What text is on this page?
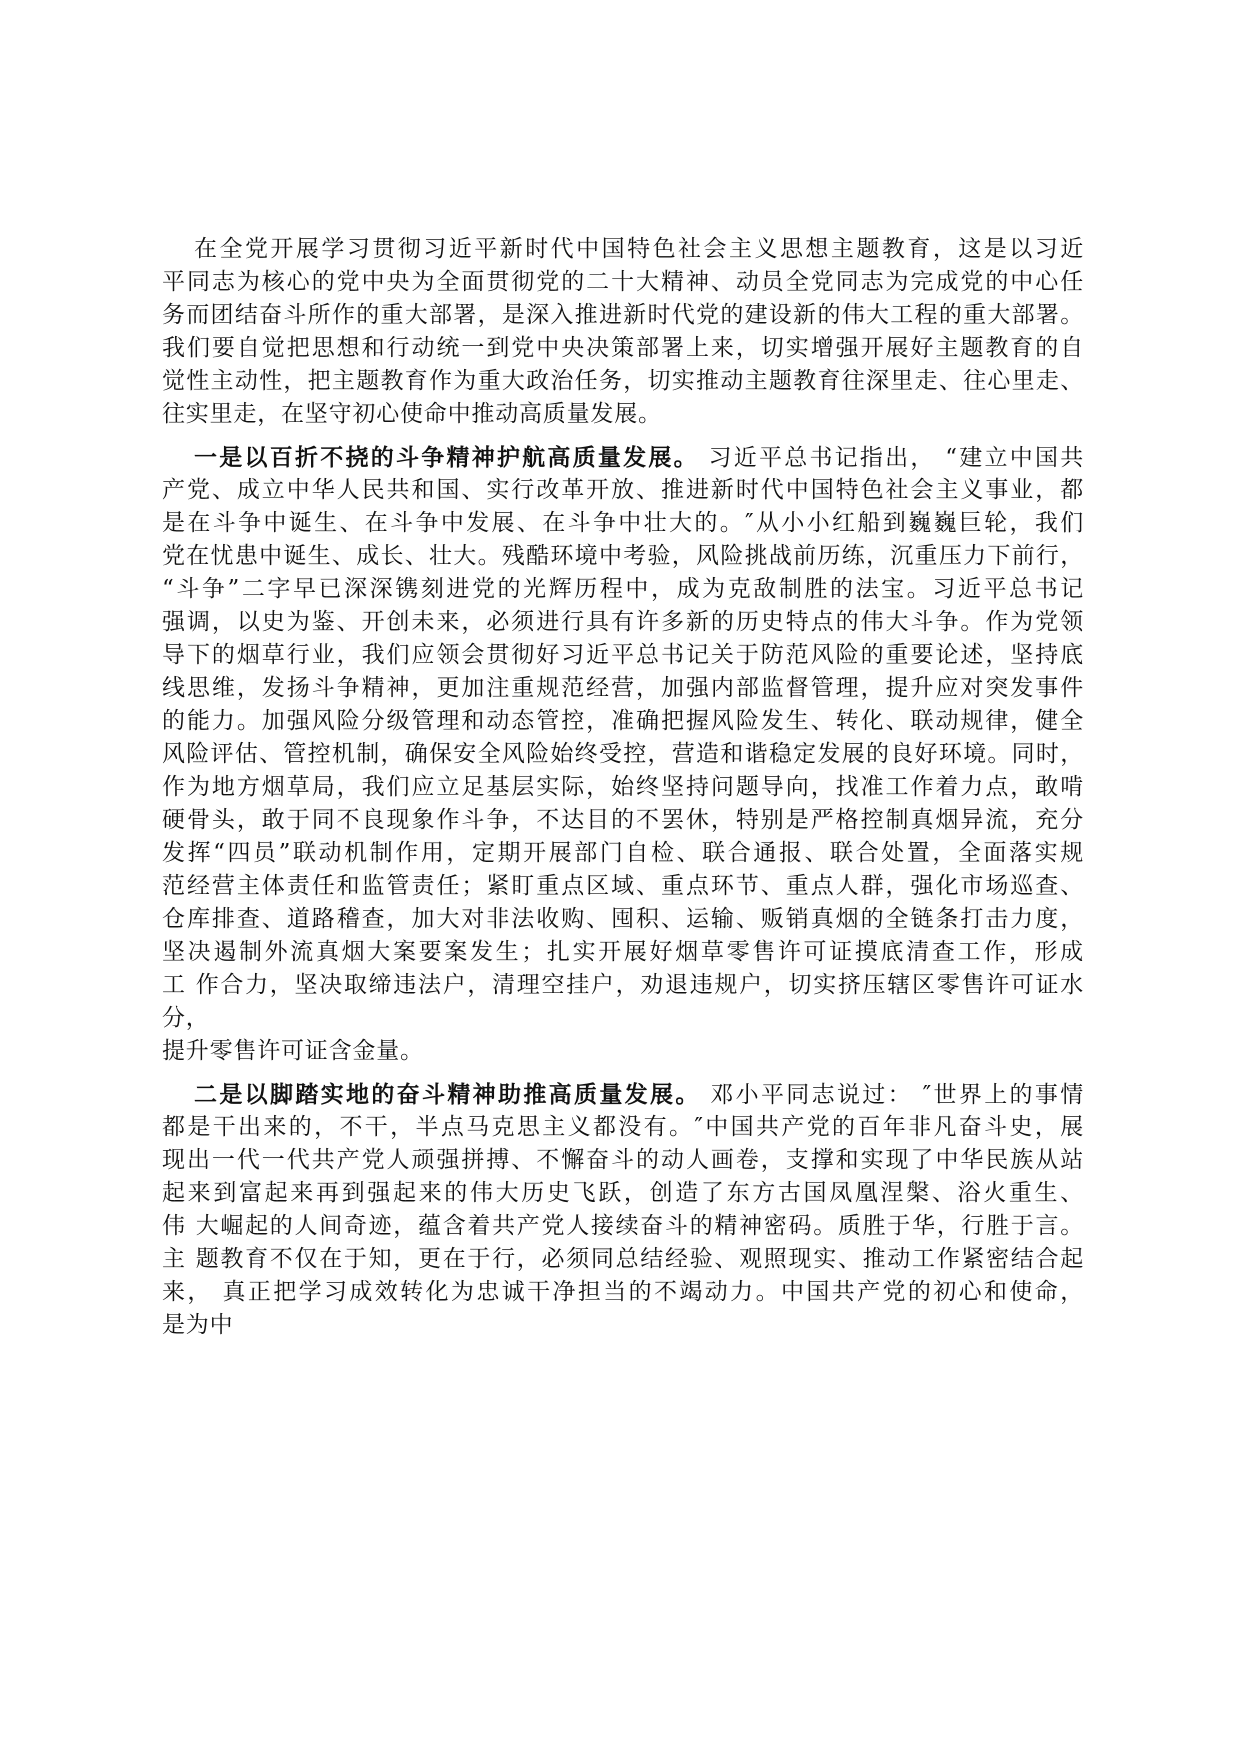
在全党开展学习贯彻习近平新时代中国特色社会主义思想主题教育，这是以习近
平同志为核心的党中央为全面贯彻党的二十大精神、动员全党同志为完成党的中心任
务而团结奋斗所作的重大部署，是深入推进新时代党的建设新的伟大工程的重大部署。
我们要自觉把思想和行动统一到党中央决策部署上来，切实增强开展好主题教育的自
觉性主动性，把主题教育作为重大政治任务，切实推动主题教育往深里走、往心里走、
往实里走，在坚守初心使命中推动高质量发展。
一是以百折不挠的斗争精神护航高质量发展。 习近平总书记指出， “建立中国共
产党、成立中华人民共和国、实行改革开放、推进新时代中国特色社会主义事业，都
是在斗争中诞生、在斗争中发展、在斗争中壮大的。″从小小红船到巍巍巨轮，我们
党在忧患中诞生、成长、壮大。残酷环境中考验，风险挑战前历练，沉重压力下前行，
“斗争”二字早已深深镌刻进党的光辉历程中，成为克敌制胜的法宝。习近平总书记
强调，以史为鉴、开创未来，必须进行具有许多新的历史特点的伟大斗争。作为党领
导下的烟草行业，我们应领会贯彻好习近平总书记关于防范风险的重要论述，坚持底
线思维，发扬斗争精神，更加注重规范经营，加强内部监督管理，提升应对突发事件
的能力。加强风险分级管理和动态管控，准确把握风险发生、转化、联动规律，健全
风险评估、管控机制，确保安全风险始终受控，营造和谐稳定发展的良好环境。同时，
作为地方烟草局，我们应立足基层实际，始终坚持问题导向，找准工作着力点，敢啃
硬骨头，敢于同不良现象作斗争，不达目的不罢休，特别是严格控制真烟异流，充分
发挥“四员”联动机制作用，定期开展部门自检、联合通报、联合处置，全面落实规
范经营主体责任和监管责任；紧盯重点区域、重点环节、重点人群，强化市场巡查、
仓库排查、道路稽查，加大对非法收购、囤积、运输、贩销真烟的全链条打击力度，
坚决遏制外流真烟大案要案发生；扎实开展好烟草零售许可证摸底清查工作，形成
工 作合力，坚决取缔违法户，清理空挂户，劝退违规户，切实挤压辖区零售许可证水
分，
提升零售许可证含金量。
二是以脚踏实地的奋斗精神助推高质量发展。 邓小平同志说过： ″世界上的事情
都是干出来的，不干，半点马克思主义都没有。″中国共产党的百年非凡奋斗史，展
现出一代一代共产党人顽强拼搏、不懈奋斗的动人画卷，支撑和实现了中华民族从站
起来到富起来再到强起来的伟大历史飞跃，创造了东方古国凤凰涅槃、浴火重生、
伟 大崛起的人间奇迹，蕴含着共产党人接续奋斗的精神密码。质胜于华，行胜于言。
主 题教育不仅在于知，更在于行，必须同总结经验、观照现实、推动工作紧密结合起
来， 真正把学习成效转化为忠诚干净担当的不竭动力。中国共产党的初心和使命，
是为中
